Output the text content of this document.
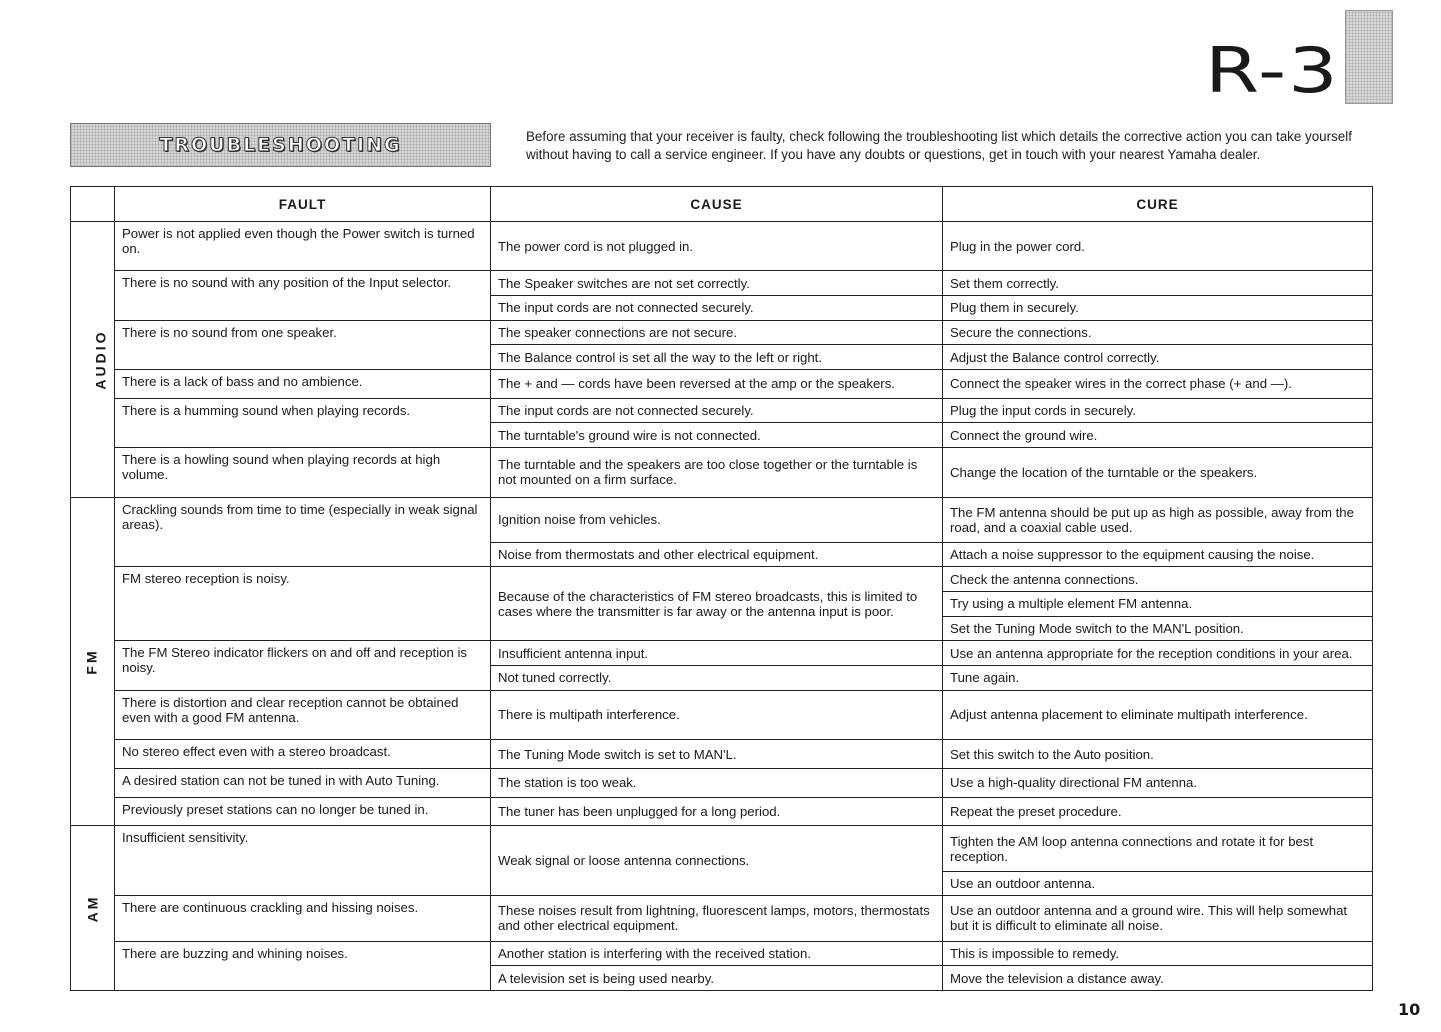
R-3
TROUBLESHOOTING	Before assuming that your receiver is faulty, check following the troubleshooting list which details the corrective action you can take yourself without having to call a service engineer. If you have any doubts or questions, get in touch with your nearest Yamaha dealer.
	FAULT	CAUSE	CURE
AUDIO	Power is not applied even though the Power switch is turned on.	The power cord is not plugged in.	Plug in the power cord.
	There is no sound with any position of the Input selector.	The Speaker switches are not set correctly.	Set them correctly.
		The input cords are not connected securely.	Plug them in securely.
	There is no sound from one speaker.	The speaker connections are not secure.	Secure the connections.
		The Balance control is set all the way to the left or right.	Adjust the Balance control correctly.
	There is a lack of bass and no ambience.	The + and — cords have been reversed at the amp or the speakers.	Connect the speaker wires in the correct phase (+ and —).
	There is a humming sound when playing records.	The input cords are not connected securely.	Plug the input cords in securely.
		The turntable's ground wire is not connected.	Connect the ground wire.
	There is a howling sound when playing records at high volume.	The turntable and the speakers are too close together or the turntable is not mounted on a firm surface.	Change the location of the turntable or the speakers.
FM	Crackling sounds from time to time (especially in weak signal areas).	Ignition noise from vehicles.	The FM antenna should be put up as high as possible, away from the road, and a coaxial cable used.
		Noise from thermostats and other electrical equipment.	Attach a noise suppressor to the equipment causing the noise.
	FM stereo reception is noisy.	Because of the characteristics of FM stereo broadcasts, this is limited to cases where the transmitter is far away or the antenna input is poor.	Check the antenna connections.
			Try using a multiple element FM antenna.
			Set the Tuning Mode switch to the MAN'L position.
	The FM Stereo indicator flickers on and off and reception is noisy.	Insufficient antenna input.	Use an antenna appropriate for the reception conditions in your area.
		Not tuned correctly.	Tune again.
	There is distortion and clear reception cannot be obtained even with a good FM antenna.	There is multipath interference.	Adjust antenna placement to eliminate multipath interference.
	No stereo effect even with a stereo broadcast.	The Tuning Mode switch is set to MAN'L.	Set this switch to the Auto position.
	A desired station can not be tuned in with Auto Tuning.	The station is too weak.	Use a high-quality directional FM antenna.
	Previously preset stations can no longer be tuned in.	The tuner has been unplugged for a long period.	Repeat the preset procedure.
AM	Insufficient sensitivity.	Weak signal or loose antenna connections.	Tighten the AM loop antenna connections and rotate it for best reception.
			Use an outdoor antenna.
	There are continuous crackling and hissing noises.	These noises result from lightning, fluorescent lamps, motors, thermostats and other electrical equipment.	Use an outdoor antenna and a ground wire. This will help somewhat but it is difficult to eliminate all noise.
	There are buzzing and whining noises.	Another station is interfering with the received station.	This is impossible to remedy.
		A television set is being used nearby.	Move the television a distance away.
10
